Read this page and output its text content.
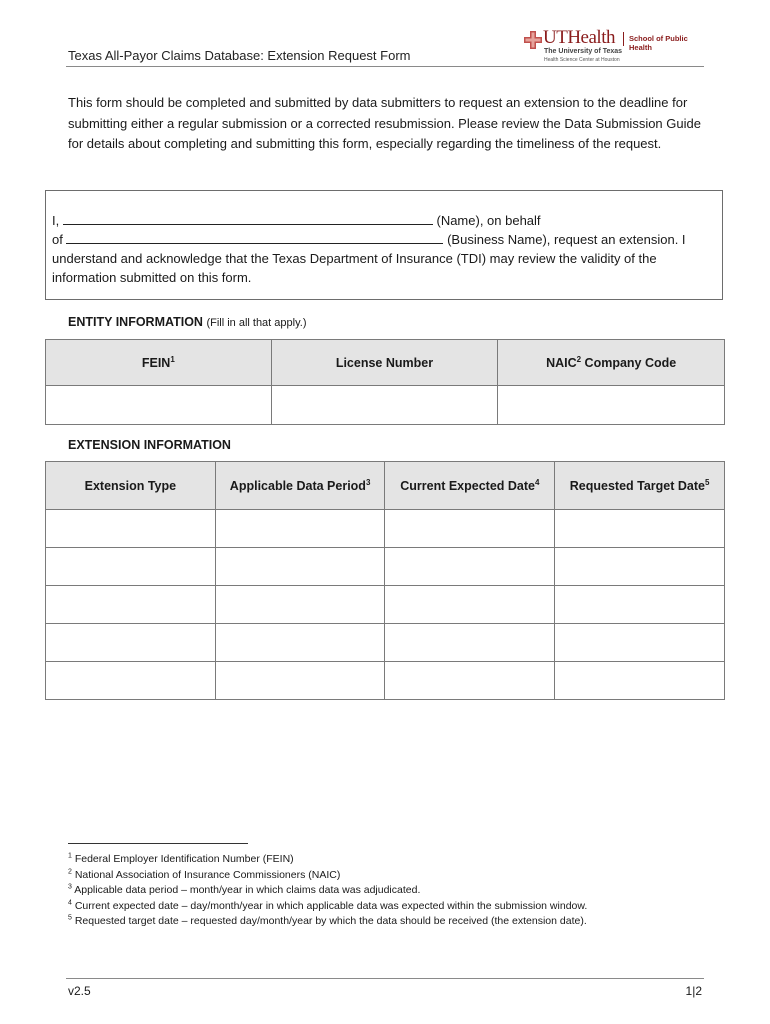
Texas All-Payor Claims Database: Extension Request Form
UTHealth School of Public Health
The University of Texas
Health Science Center at Houston
This form should be completed and submitted by data submitters to request an extension to the deadline for submitting either a regular submission or a corrected resubmission. Please review the Data Submission Guide for details about completing and submitting this form, especially regarding the timeliness of the request.
I,	(Name), on behalf
of	(Business Name), request an extension. I
understand and acknowledge that the Texas Department of Insurance (TDI) may review the validity of the
information submitted on this form.
ENTITY INFORMATION (Fill in all that apply.)
FEIN$^1$	License Number	NAIC$^2$ Company Code

EXTENSION INFORMATION
Extension Type	Applicable Data Period$^3$	Current Expected Date$^4$	Requested Target Date$^5$

$^1$ Federal Employer Identification Number (FEIN)
$^2$ National Association of Insurance Commissioners (NAIC)
$^3$ Applicable data period – month/year in which claims data was adjudicated.
$^4$ Current expected date – day/month/year in which applicable data was expected within the submission window.
$^5$ Requested target date – requested day/month/year by which the data should be received (the extension date).
v2.5	1|2
